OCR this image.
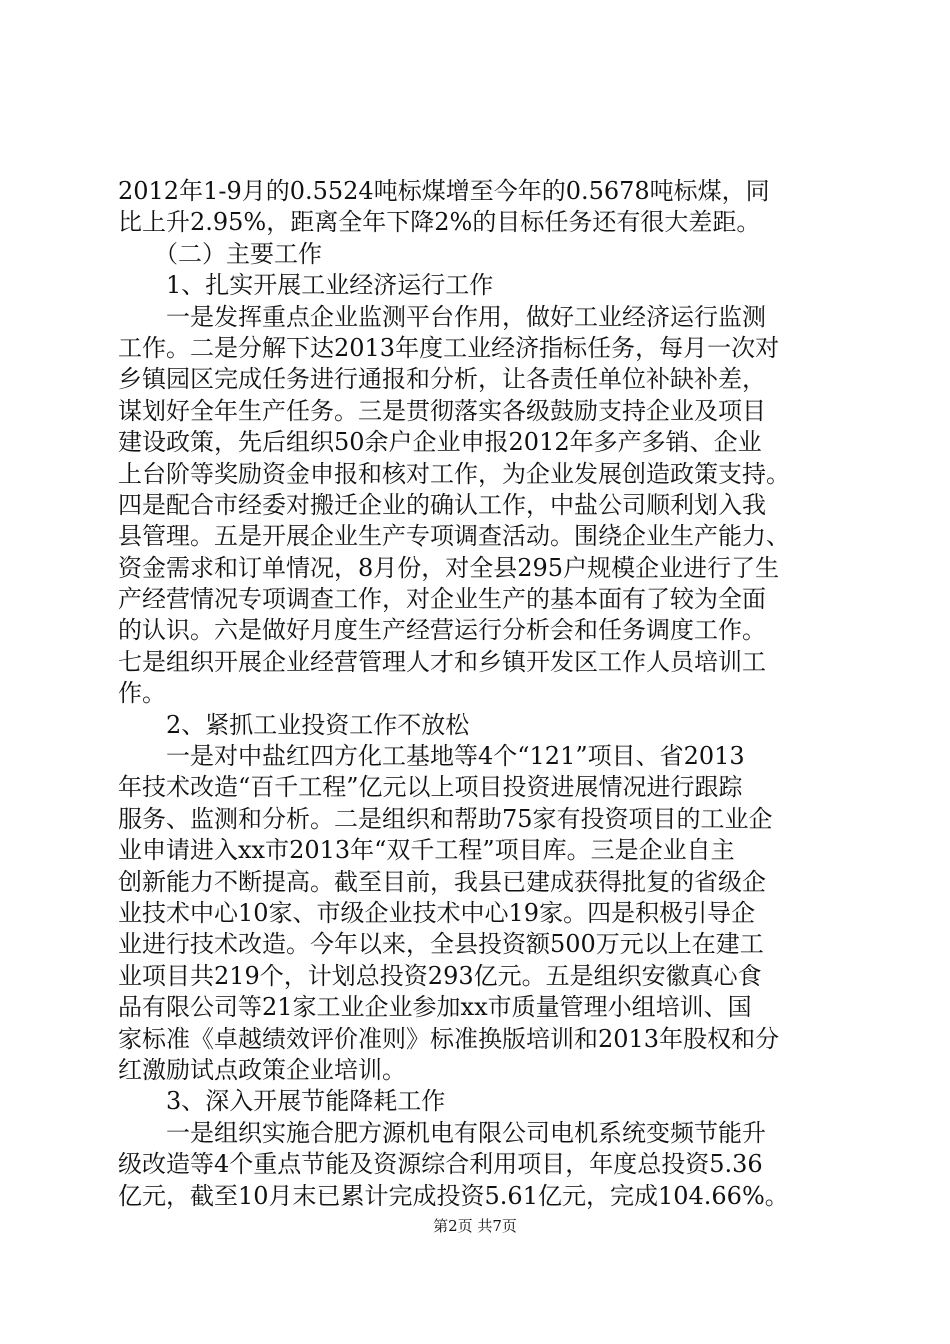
2012年1-9月的0.5524吨标煤增至今年的0.5678吨标煤，同
比上升2.95%，距离全年下降2%的目标任务还有很大差距。
　　（二）主要工作
　　1、扎实开展工业经济运行工作
　　一是发挥重点企业监测平台作用，做好工业经济运行监测
工作。二是分解下达2013年度工业经济指标任务，每月一次对
乡镇园区完成任务进行通报和分析，让各责任单位补缺补差，
谋划好全年生产任务。三是贯彻落实各级鼓励支持企业及项目
建设政策，先后组织50余户企业申报2012年多产多销、企业
上台阶等奖励资金申报和核对工作，为企业发展创造政策支持。
四是配合市经委对搬迁企业的确认工作，中盐公司顺利划入我
县管理。五是开展企业生产专项调查活动。围绕企业生产能力、
资金需求和订单情况，8月份，对全县295户规模企业进行了生
产经营情况专项调查工作，对企业生产的基本面有了较为全面
的认识。六是做好月度生产经营运行分析会和任务调度工作。
七是组织开展企业经营管理人才和乡镇开发区工作人员培训工
作。
　　2、紧抓工业投资工作不放松
　　一是对中盐红四方化工基地等4个“121”项目、省2013
年技术改造“百千工程”亿元以上项目投资进展情况进行跟踪
服务、监测和分析。二是组织和帮助75家有投资项目的工业企
业申请进入xx市2013年“双千工程”项目库。三是企业自主
创新能力不断提高。截至目前，我县已建成获得批复的省级企
业技术中心10家、市级企业技术中心19家。四是积极引导企
业进行技术改造。今年以来，全县投资额500万元以上在建工
业项目共219个，计划总投资293亿元。五是组织安徽真心食
品有限公司等21家工业企业参加xx市质量管理小组培训、国
家标准《卓越绩效评价准则》标准换版培训和2013年股权和分
红激励试点政策企业培训。
　　3、深入开展节能降耗工作
　　一是组织实施合肥方源机电有限公司电机系统变频节能升
级改造等4个重点节能及资源综合利用项目，年度总投资5.36
亿元，截至10月末已累计完成投资5.61亿元，完成104.66%。
第2页 共7页
